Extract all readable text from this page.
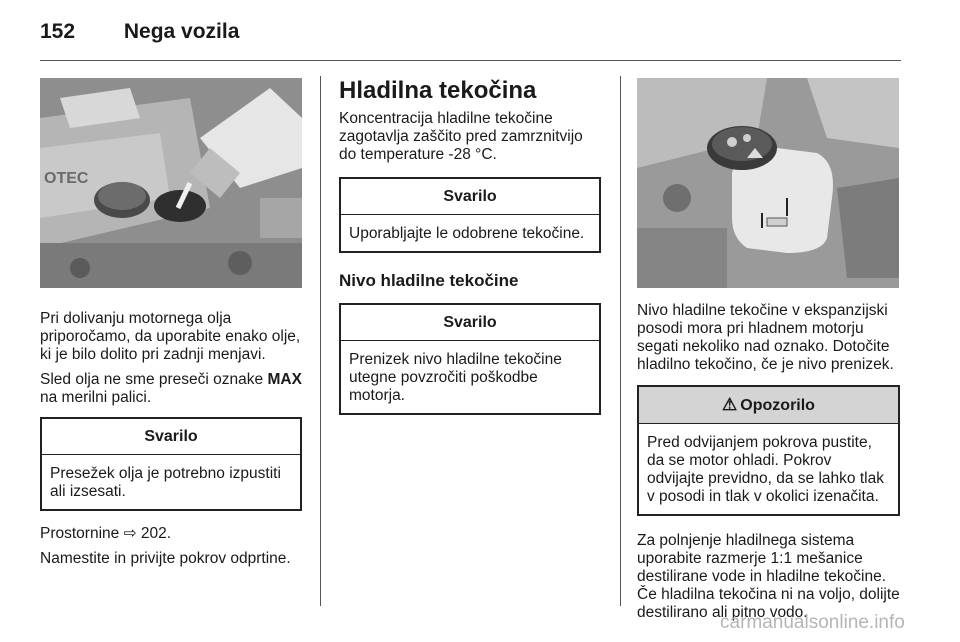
152 Nega vozila
OTEC

Pri dolivanju motornega olja priporočamo, da uporabite enako olje, ki je bilo dolito pri zadnji menjavi.

Sled olja ne sme preseči oznake MAX na merilni palici.

Svarilo
Presežek olja je potrebno izpustiti ali izsesati.

Prostornine ⇨ 202.

Namestite in privijte pokrov odprtine.

Hladilna tekočina

Koncentracija hladilne tekočine zagotavlja zaščito pred zamrznitvijo do temperature -28 °C.

Svarilo
Uporabljajte le odobrene tekočine.
Nivo hladilne tekočine
Svarilo
Prenizek nivo hladilne tekočine utegne povzročiti poškodbe motorja.

Nivo hladilne tekočine v ekspanzijski posodi mora pri hladnem motorju segati nekoliko nad oznako. Dotočite hladilno tekočino, če je nivo prenizek.

⚠ Opozorilo
Pred odvijanjem pokrova pustite, da se motor ohladi. Pokrov odvijajte previdno, da se lahko tlak v posodi in tlak v okolici izenačita.

Za polnjenje hladilnega sistema uporabite razmerje 1:1 mešanice destilirane vode in hladilne tekočine. Če hladilna tekočina ni na voljo, dolijte destilirano ali pitno vodo.

carmanualsonline.info
